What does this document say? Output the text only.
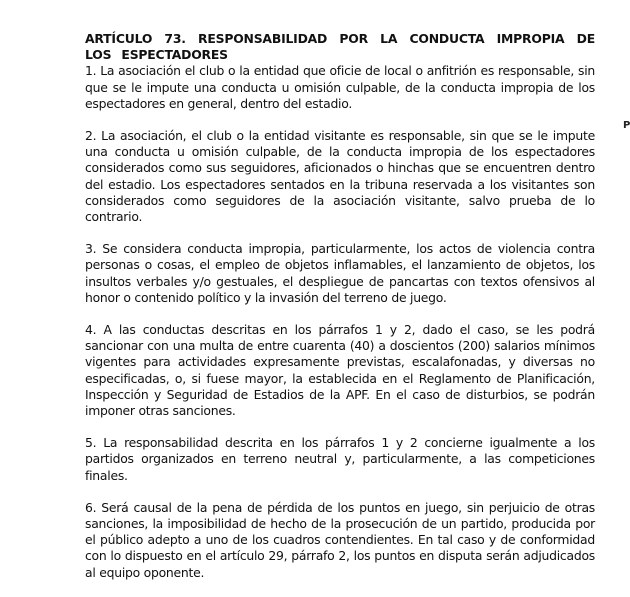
ARTÍCULO 73. RESPONSABILIDAD POR LA CONDUCTA IMPROPIA DE LOS ESPECTADORES

1. La asociación el club o la entidad que oficie de local o anfitrión es responsable, sin que se le impute una conducta u omisión culpable, de la conducta impropia de los espectadores en general, dentro del estadio.

2. La asociación, el club o la entidad visitante es responsable, sin que se le impute una conducta u omisión culpable, de la conducta impropia de los espectadores considerados como sus seguidores, aficionados o hinchas que se encuentren dentro del estadio. Los espectadores sentados en la tribuna reservada a los visitantes son considerados como seguidores de la asociación visitante, salvo prueba de lo contrario.

3. Se considera conducta impropia, particularmente, los actos de violencia contra personas o cosas, el empleo de objetos inflamables, el lanzamiento de objetos, los insultos verbales y/o gestuales, el despliegue de pancartas con textos ofensivos al honor o contenido político y la invasión del terreno de juego.

4. A las conductas descritas en los párrafos 1 y 2, dado el caso, se les podrá sancionar con una multa de entre cuarenta (40) a doscientos (200) salarios mínimos vigentes para actividades expresamente previstas, escalafonadas, y diversas no especificadas, o, si fuese mayor, la establecida en el Reglamento de Planificación, Inspección y Seguridad de Estadios de la APF. En el caso de disturbios, se podrán imponer otras sanciones.

5. La responsabilidad descrita en los párrafos 1 y 2 concierne igualmente a los partidos organizados en terreno neutral y, particularmente, a las competiciones finales.

6. Será causal de la pena de pérdida de los puntos en juego, sin perjuicio de otras sanciones, la imposibilidad de hecho de la prosecución de un partido, producida por el público adepto a uno de los cuadros contendientes. En tal caso y de conformidad con lo dispuesto en el artículo 29, párrafo 2, los puntos en disputa serán adjudicados al equipo oponente.

P
